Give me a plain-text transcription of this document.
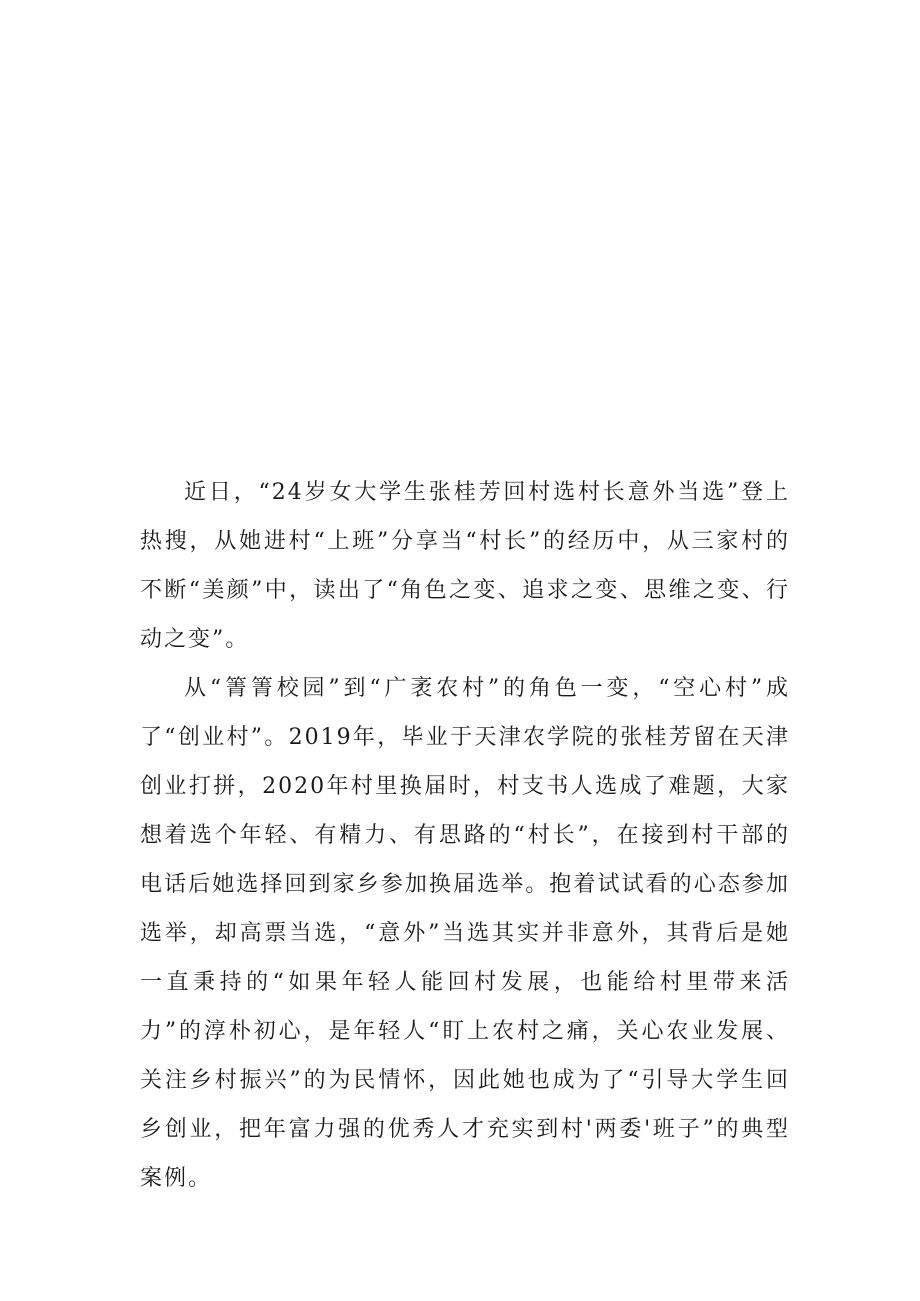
近日，“24岁女大学生张桂芳回村选村长意外当选”登上热搜，从她进村“上班”分享当“村长”的经历中，从三家村的不断“美颜”中，读出了“角色之变、追求之变、思维之变、行动之变”。

从“箐箐校园”到“广袤农村”的角色一变，“空心村”成了“创业村”。2019年，毕业于天津农学院的张桂芳留在天津创业打拼，2020年村里换届时，村支书人选成了难题，大家想着选个年轻、有精力、有思路的“村长”，在接到村干部的电话后她选择回到家乡参加换届选举。抱着试试看的心态参加选举，却高票当选，“意外”当选其实并非意外，其背后是她一直秉持的“如果年轻人能回村发展，也能给村里带来活力”的淳朴初心，是年轻人“盯上农村之痛，关心农业发展、关注乡村振兴”的为民情怀，因此她也成为了“引导大学生回乡创业，把年富力强的优秀人才充实到村'两委'班子”的典型案例。
